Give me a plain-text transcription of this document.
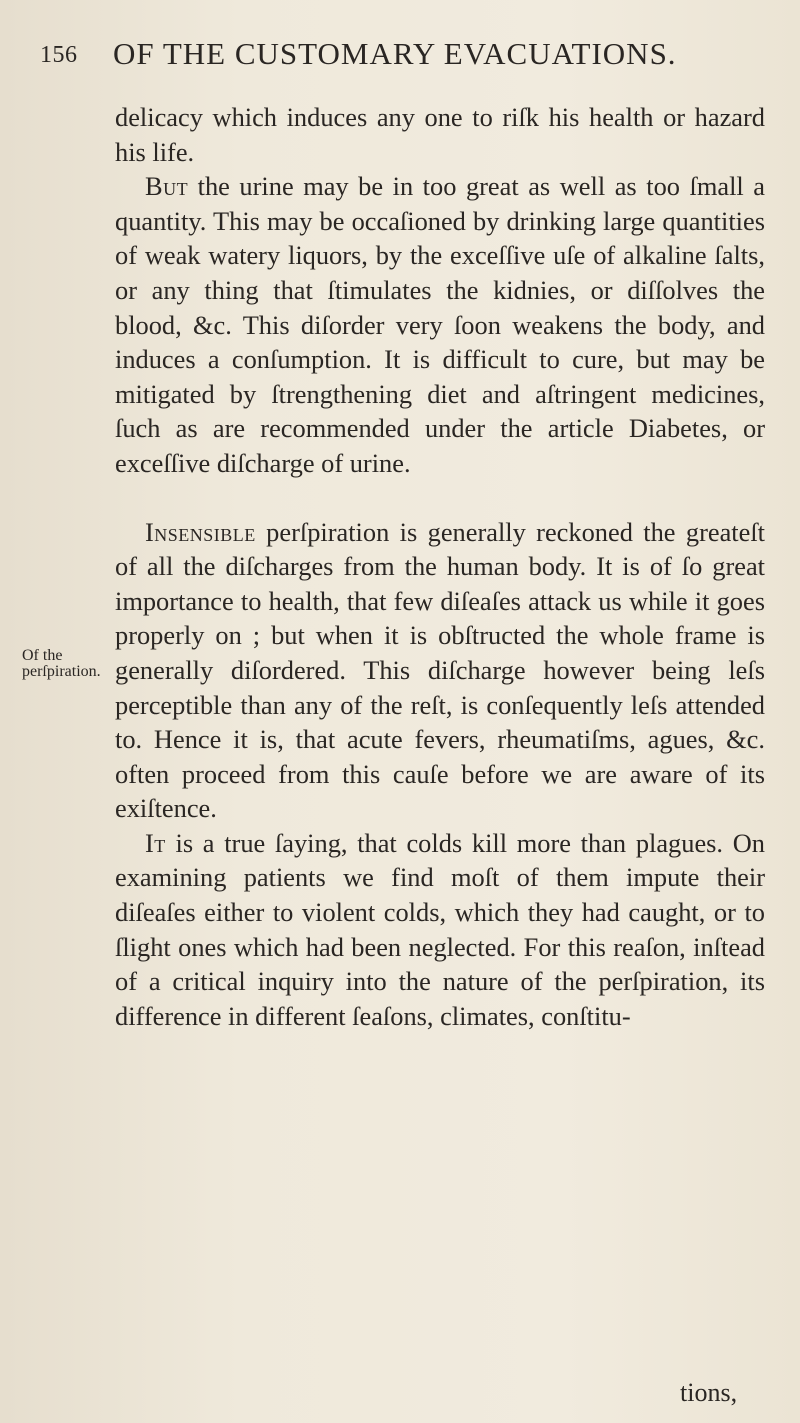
156 OF THE CUSTOMARY EVACUATIONS.
Of the perſpiration.

delicacy which induces any one to riſk his health or hazard his life.

But the urine may be in too great as well as too ſmall a quantity. This may be occaſioned by drinking large quantities of weak watery liquors, by the exceſſive uſe of alkaline ſalts, or any thing that ſtimulates the kidnies, or diſſolves the blood, &c. This diſorder very ſoon weakens the body, and induces a conſumption. It is difficult to cure, but may be mitigated by ſtrengthening diet and aſtringent medicines, ſuch as are recommended under the article Diabetes, or exceſſive diſcharge of urine.

Insensible perſpiration is generally reckoned the greateſt of all the diſcharges from the human body. It is of ſo great importance to health, that few diſeaſes attack us while it goes properly on ; but when it is obſtructed the whole frame is generally diſordered. This diſcharge however being leſs perceptible than any of the reſt, is conſequently leſs attended to. Hence it is, that acute fevers, rheumatiſms, agues, &c. often proceed from this cauſe before we are aware of its exiſtence.

It is a true ſaying, that colds kill more than plagues. On examining patients we find moſt of them impute their diſeaſes either to violent colds, which they had caught, or to ſlight ones which had been neglected. For this reaſon, inſtead of a critical inquiry into the nature of the perſpiration, its difference in different ſeaſons, climates, conſtitu-

tions,
